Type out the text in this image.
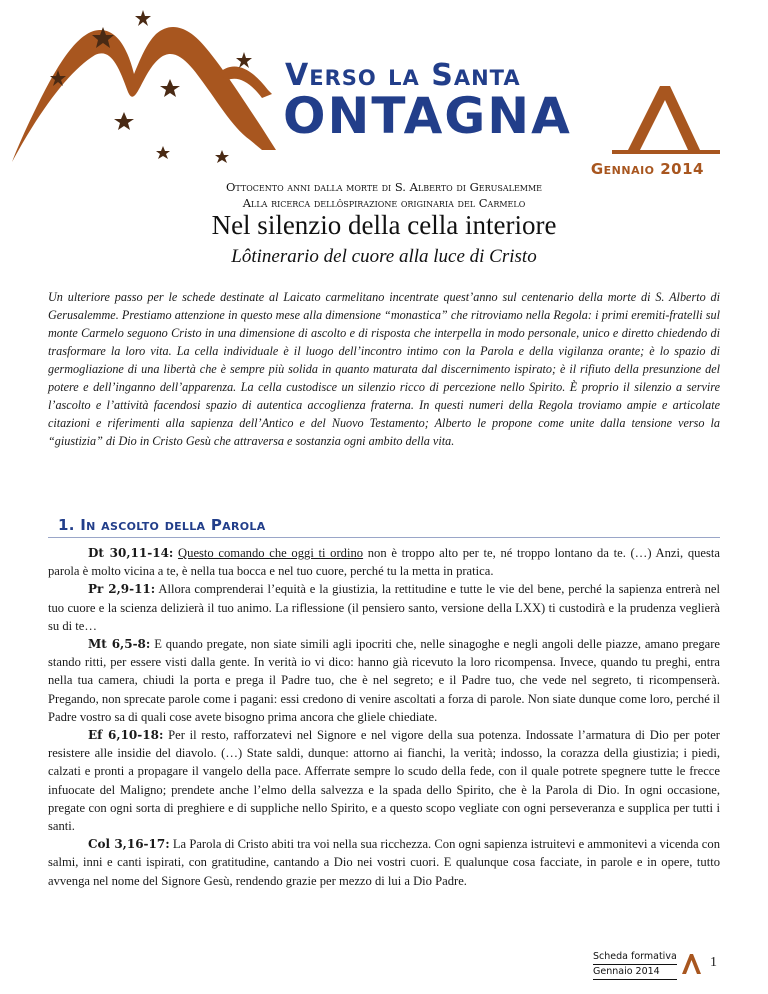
Verso la Santa
ONTAGNA
Gennaio 2014
Ottocento anni dalla morte di S. Alberto di Gerusalemme
Alla ricerca dellôspirazione originaria del Carmelo
Nel silenzio della cella interiore
Lôtinerario del cuore alla luce di Cristo
Un ulteriore passo per le schede destinate al Laicato carmelitano incentrate quest’anno sul centenario della morte di S. Alberto di Gerusalemme. Prestiamo attenzione in questo mese alla dimensione “monastica” che ritroviamo nella Regola: i primi eremiti-fratelli sul monte Carmelo seguono Cristo in una dimensione di ascolto e di risposta che interpella in modo personale, unico e diretto chiedendo di trasformare la loro vita. La cella individuale è il luogo dell’incontro intimo con la Parola e della vigilanza orante; è lo spazio di germogliazione di una libertà che è sempre più solida in quanto maturata dal discernimento ispirato; è il rifiuto della presunzione del potere e dell’inganno dell’apparenza. La cella custodisce un silenzio ricco di percezione nello Spirito. È proprio il silenzio a servire l’ascolto e l’attività facendosi spazio di autentica accoglienza fraterna. In questi numeri della Regola troviamo ampie e articolate citazioni e riferimenti alla sapienza dell’Antico e del Nuovo Testamento; Alberto le propone come unite dalla tensione verso la “giustizia” di Dio in Cristo Gesù che attraversa e sostanzia ogni ambito della vita.
1. In ascolto della Parola

Dt 30,11-14: Questo comando che oggi ti ordino non è troppo alto per te, né troppo lontano da te. (…) Anzi, questa parola è molto vicina a te, è nella tua bocca e nel tuo cuore, perché tu la metta in pratica.

Pr 2,9-11: Allora comprenderai l’equità e la giustizia, la rettitudine e tutte le vie del bene, perché la sapienza entrerà nel tuo cuore e la scienza delizierà il tuo animo. La riflessione (il pensiero santo, versione della LXX) ti custodirà e la prudenza veglierà su di te…

Mt 6,5-8: E quando pregate, non siate simili agli ipocriti che, nelle sinagoghe e negli angoli delle piazze, amano pregare stando ritti, per essere visti dalla gente. In verità io vi dico: hanno già ricevuto la loro ricompensa. Invece, quando tu preghi, entra nella tua camera, chiudi la porta e prega il Padre tuo, che è nel segreto; e il Padre tuo, che vede nel segreto, ti ricompenserà. Pregando, non sprecate parole come i pagani: essi credono di venire ascoltati a forza di parole. Non siate dunque come loro, perché il Padre vostro sa di quali cose avete bisogno prima ancora che gliele chiediate.

Ef 6,10-18: Per il resto, rafforzatevi nel Signore e nel vigore della sua potenza. Indossate l’armatura di Dio per poter resistere alle insidie del diavolo. (…) State saldi, dunque: attorno ai fianchi, la verità; indosso, la corazza della giustizia; i piedi, calzati e pronti a propagare il vangelo della pace. Afferrate sempre lo scudo della fede, con il quale potrete spegnere tutte le frecce infuocate del Maligno; prendete anche l’elmo della salvezza e la spada dello Spirito, che è la Parola di Dio. In ogni occasione, pregate con ogni sorta di preghiere e di suppliche nello Spirito, e a questo scopo vegliate con ogni perseveranza e supplica per tutti i santi.

Col 3,16-17: La Parola di Cristo abiti tra voi nella sua ricchezza. Con ogni sapienza istruitevi e ammonitevi a vicenda con salmi, inni e canti ispirati, con gratitudine, cantando a Dio nei vostri cuori. E qualunque cosa facciate, in parole e in opere, tutto avvenga nel nome del Signore Gesù, rendendo grazie per mezzo di lui a Dio Padre.

Scheda formativa
Gennaio 2014
1
